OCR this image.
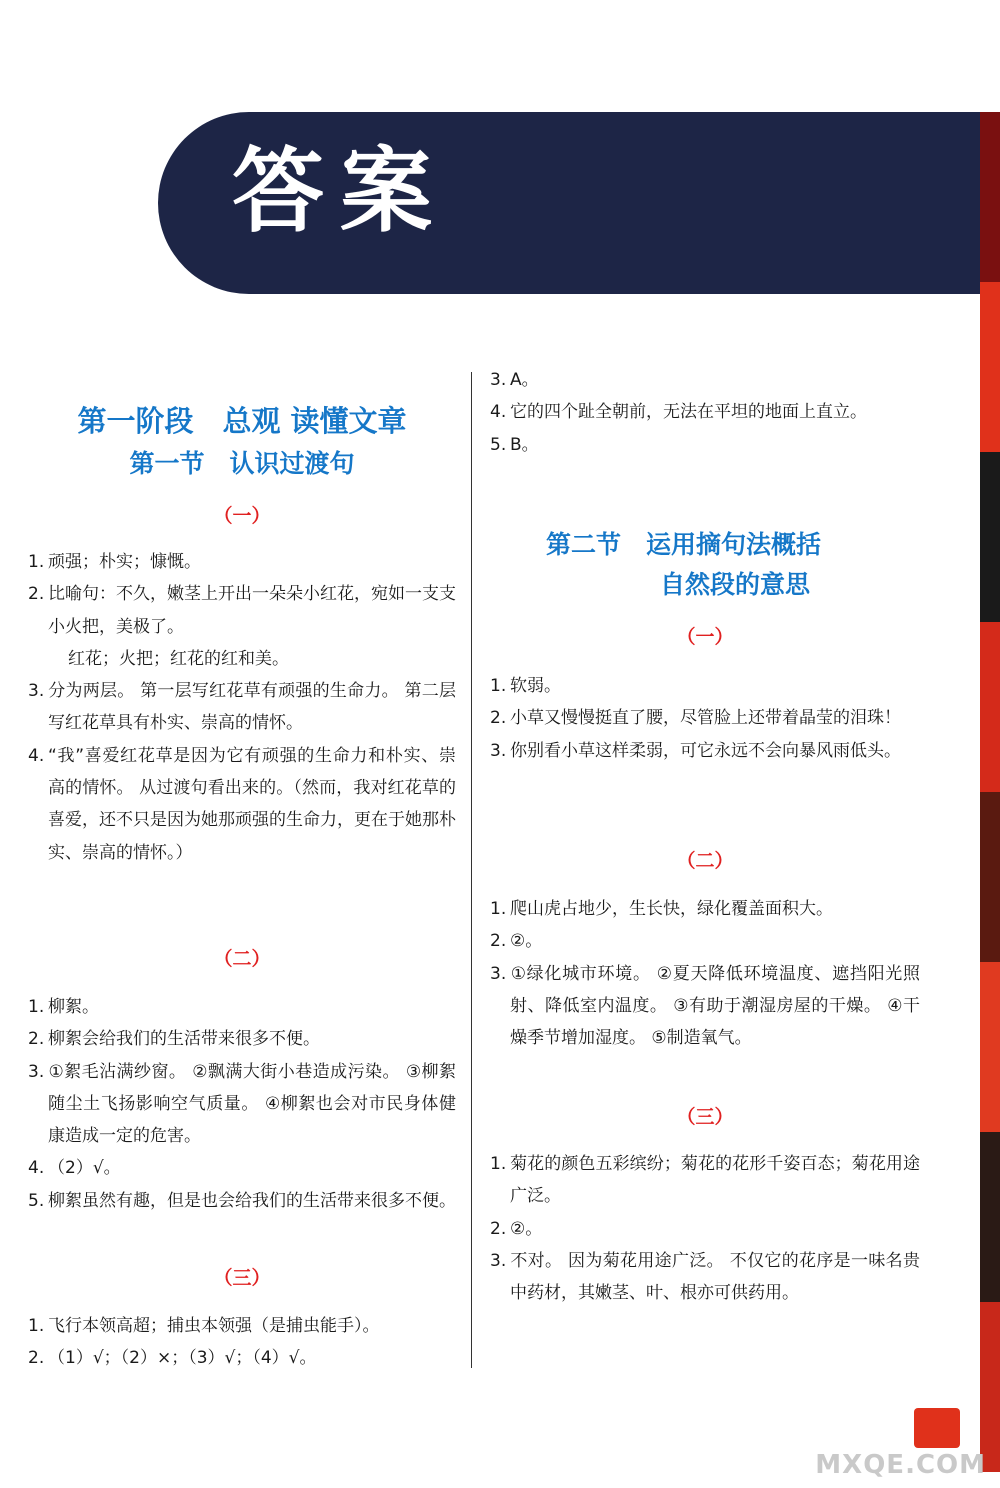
答案
第一阶段　总观 读懂文章
第一节　认识过渡句
（一）
1. 顽强；朴实；慷慨。
2. 比喻句：不久，嫩茎上开出一朵朵小红花，宛如一支支小火把，美极了。
红花；火把；红花的红和美。
3. 分为两层。 第一层写红花草有顽强的生命力。 第二层写红花草具有朴实、崇高的情怀。
4. “我”喜爱红花草是因为它有顽强的生命力和朴实、崇高的情怀。 从过渡句看出来的。（然而，我对红花草的喜爱，还不只是因为她那顽强的生命力，更在于她那朴实、崇高的情怀。）
（二）
1. 柳絮。
2. 柳絮会给我们的生活带来很多不便。
3. ①絮毛沾满纱窗。 ②飘满大街小巷造成污染。 ③柳絮随尘土飞扬影响空气质量。 ④柳絮也会对市民身体健康造成一定的危害。
4. （2）√。
5. 柳絮虽然有趣，但是也会给我们的生活带来很多不便。
（三）
1. 飞行本领高超；捕虫本领强（是捕虫能手）。
2. （1）√；（2）×；（3）√；（4）√。
3. A。
4. 它的四个趾全朝前，无法在平坦的地面上直立。
5. B。
第二节　运用摘句法概括
自然段的意思
（一）
1. 软弱。
2. 小草又慢慢挺直了腰，尽管脸上还带着晶莹的泪珠！
3. 你别看小草这样柔弱，可它永远不会向暴风雨低头。
（二）
1. 爬山虎占地少，生长快，绿化覆盖面积大。
2. ②。
3. ①绿化城市环境。 ②夏天降低环境温度、遮挡阳光照射、降低室内温度。 ③有助于潮湿房屋的干燥。 ④干燥季节增加湿度。 ⑤制造氧气。
（三）
1. 菊花的颜色五彩缤纷；菊花的花形千姿百态；菊花用途广泛。
2. ②。
3. 不对。 因为菊花用途广泛。 不仅它的花序是一味名贵中药材，其嫩茎、叶、根亦可供药用。
MXQE.COM
